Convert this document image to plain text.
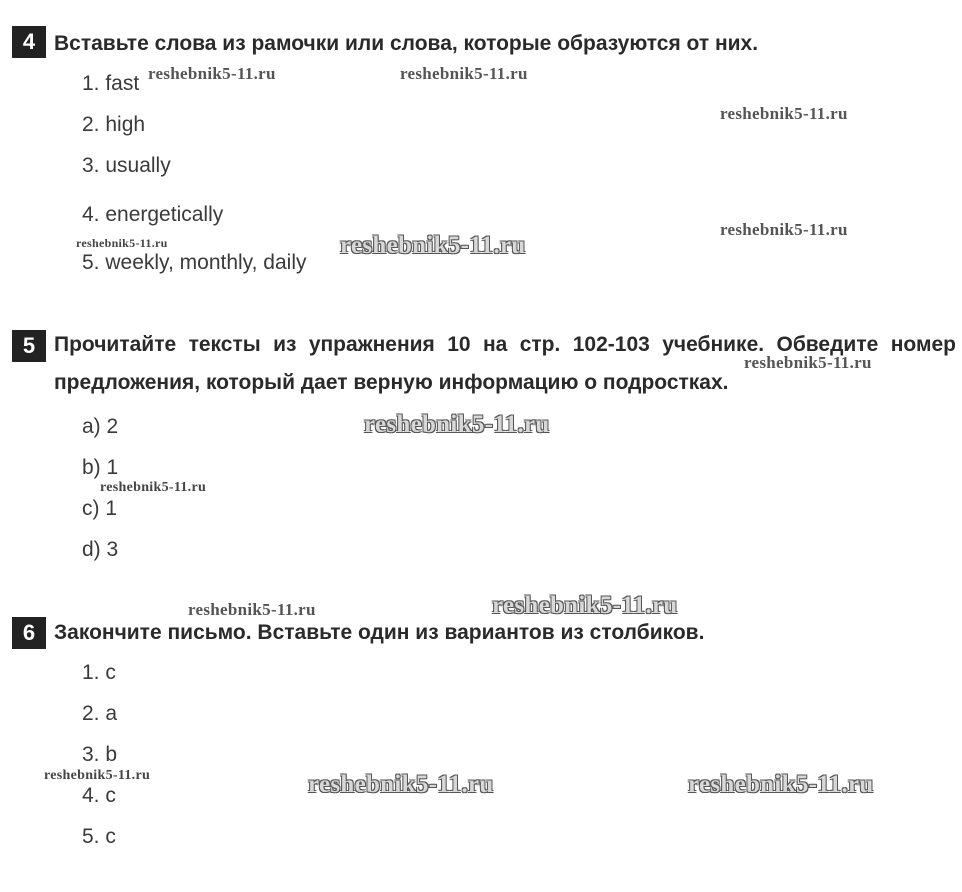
4 Вставьте слова из рамочки или слова, которые образуются от них.
1. fast
2. high
3. usually
4. energetically
5. weekly, monthly, daily
5 Прочитайте тексты из упражнения 10 на стр. 102-103 учебнике. Обведите номер предложения, который дает верную информацию о подростках.
a) 2
b) 1
c) 1
d) 3
6 Закончите письмо. Вставьте один из вариантов из столбиков.
1. c
2. a
3. b
4. c
5. c
reshebnik5-11.ru	reshebnik5-11.ru
reshebnik5-11.ru
reshebnik5-11.ru
reshebnik5-11.ru	reshebnik5-11.ru
reshebnik5-11.ru
reshebnik5-11.ru
reshebnik5-11.ru
reshebnik5-11.ru	reshebnik5-11.ru
reshebnik5-11.ru	reshebnik5-11.ru	reshebnik5-11.ru
